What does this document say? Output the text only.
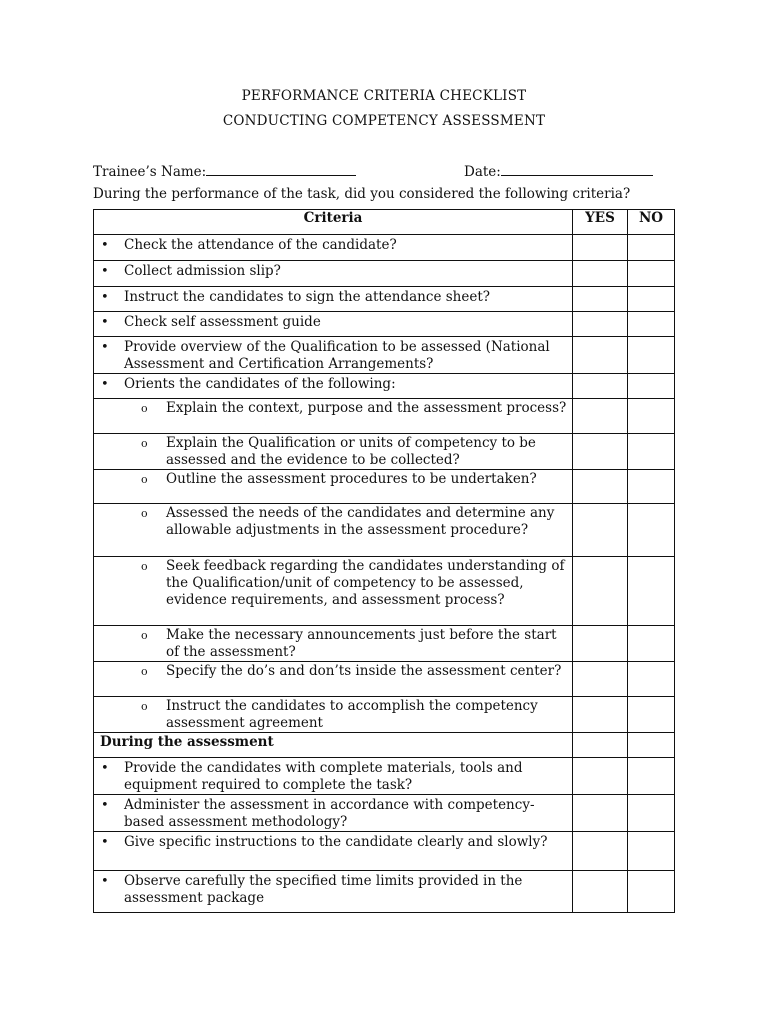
PERFORMANCE CRITERIA CHECKLIST
CONDUCTING COMPETENCY ASSESSMENT
Trainee’s Name:	Date:
During the performance of the task, did you considered the following criteria?
Criteria	YES	NO

• Check the attendance of the candidate?		

• Collect admission slip?		

• Instruct the candidates to sign the attendance sheet?		

• Check self assessment guide		

• Provide overview of the Qualification to be assessed (National Assessment and Certification Arrangements?		

• Orients the candidates of the following:		

o Explain the context, purpose and the assessment process?		

o Explain the Qualification or units of competency to be assessed and the evidence to be collected?		

o Outline the assessment procedures to be undertaken?		

o Assessed the needs of the candidates and determine any allowable adjustments in the assessment procedure?		

o Seek feedback regarding the candidates understanding of the Qualification/unit of competency to be assessed, evidence requirements, and assessment process?		

o Make the necessary announcements just before the start of the assessment?		

o Specify the do’s and don’ts inside the assessment center?		

o Instruct the candidates to accomplish the competency assessment agreement		

During the assessment		

• Provide the candidates with complete materials, tools and equipment required to complete the task?		

• Administer the assessment in accordance with competency-based assessment methodology?		

• Give specific instructions to the candidate clearly and slowly?		

• Observe carefully the specified time limits provided in the assessment package		
